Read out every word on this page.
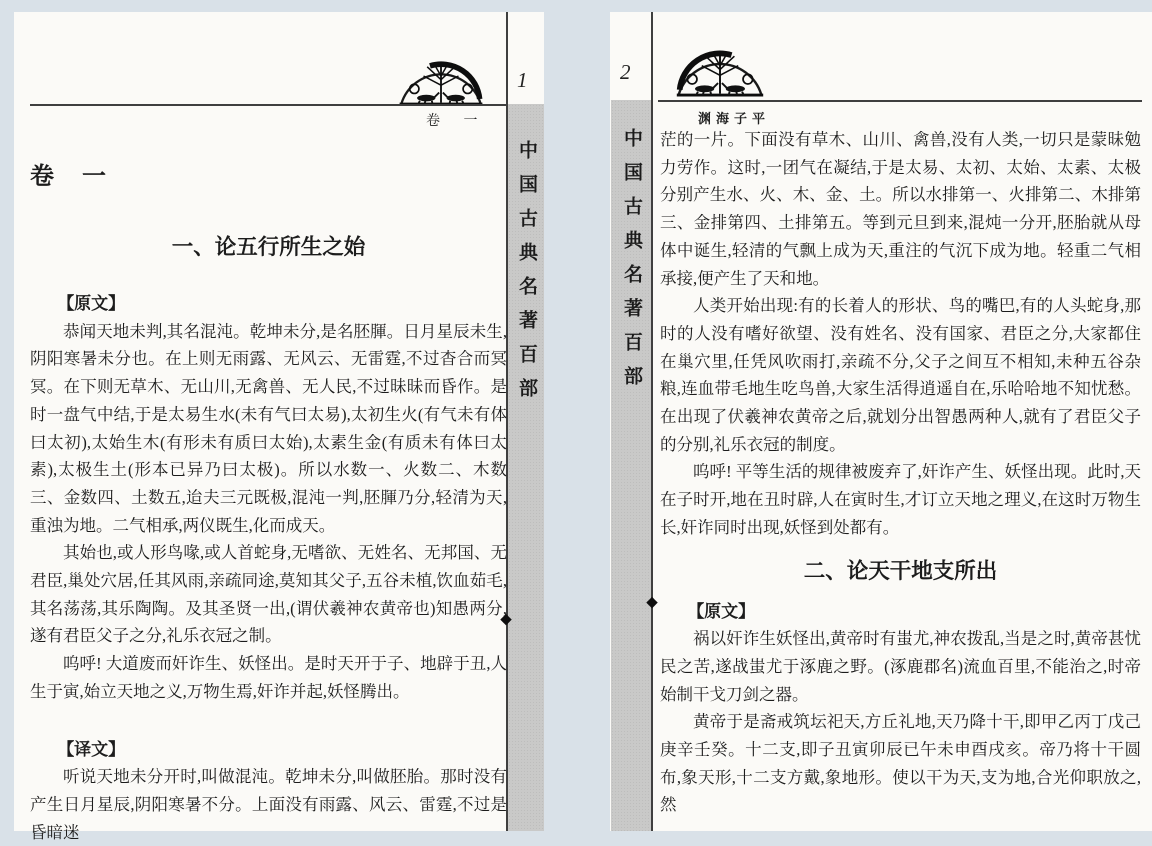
卷 一
1
中国古典名著百部
◆
卷　一
一、论五行所生之始

【原文】

恭闻天地未判,其名混沌。乾坤未分,是名胚腪。日月星辰未生,阴阳寒暑未分也。在上则无雨露、无风云、无雷霆,不过杳合而冥冥。在下则无草木、无山川,无禽兽、无人民,不过昧昧而昏作。是时一盘气中结,于是太易生水(未有气曰太易),太初生火(有气未有体曰太初),太始生木(有形未有质曰太始),太素生金(有质未有体曰太素),太极生土(形本已异乃曰太极)。所以水数一、火数二、木数三、金数四、土数五,迨夫三元既极,混沌一判,胚腪乃分,轻清为天,重浊为地。二气相承,两仪既生,化而成天。

其始也,或人形鸟喙,或人首蛇身,无嗜欲、无姓名、无邦国、无君臣,巢处穴居,任其风雨,亲疏同途,莫知其父子,五谷未植,饮血茹毛,其名荡荡,其乐陶陶。及其圣贤一出,(谓伏羲神农黄帝也)知愚两分,遂有君臣父子之分,礼乐衣冠之制。

呜呼! 大道废而奸诈生、妖怪出。是时天开于子、地辟于丑,人生于寅,始立天地之义,万物生焉,奸诈并起,妖怪腾出。

【译文】

听说天地未分开时,叫做混沌。乾坤未分,叫做胚胎。那时没有产生日月星辰,阴阳寒暑不分。上面没有雨露、风云、雷霆,不过是昏暗迷

渊海子平
2
中国古典名著百部
◆

茫的一片。下面没有草木、山川、禽兽,没有人类,一切只是蒙昧勉力劳作。这时,一团气在凝结,于是太易、太初、太始、太素、太极分别产生水、火、木、金、土。所以水排第一、火排第二、木排第三、金排第四、土排第五。等到元旦到来,混炖一分开,胚胎就从母体中诞生,轻清的气飘上成为天,重注的气沉下成为地。轻重二气相承接,便产生了天和地。

人类开始出现:有的长着人的形状、鸟的嘴巴,有的人头蛇身,那时的人没有嗜好欲望、没有姓名、没有国家、君臣之分,大家都住在巢穴里,任凭风吹雨打,亲疏不分,父子之间互不相知,未种五谷杂粮,连血带毛地生吃鸟兽,大家生活得逍遥自在,乐哈哈地不知忧愁。在出现了伏羲神农黄帝之后,就划分出智愚两种人,就有了君臣父子的分别,礼乐衣冠的制度。

呜呼! 平等生活的规律被废弃了,奸诈产生、妖怪出现。此时,天在子时开,地在丑时辟,人在寅时生,才订立天地之理义,在这时万物生长,奸诈同时出现,妖怪到处都有。

二、论天干地支所出

【原文】

祸以奸诈生妖怪出,黄帝时有蚩尤,神农拨乱,当是之时,黄帝甚忧民之苦,遂战蚩尤于涿鹿之野。(涿鹿郡名)流血百里,不能治之,时帝始制干戈刀剑之器。

黄帝于是斋戒筑坛祀天,方丘礼地,天乃降十干,即甲乙丙丁戊己庚辛壬癸。十二支,即子丑寅卯辰已午未申酉戌亥。帝乃将十干圆布,象天形,十二支方戴,象地形。使以干为天,支为地,合光仰职放之,然
